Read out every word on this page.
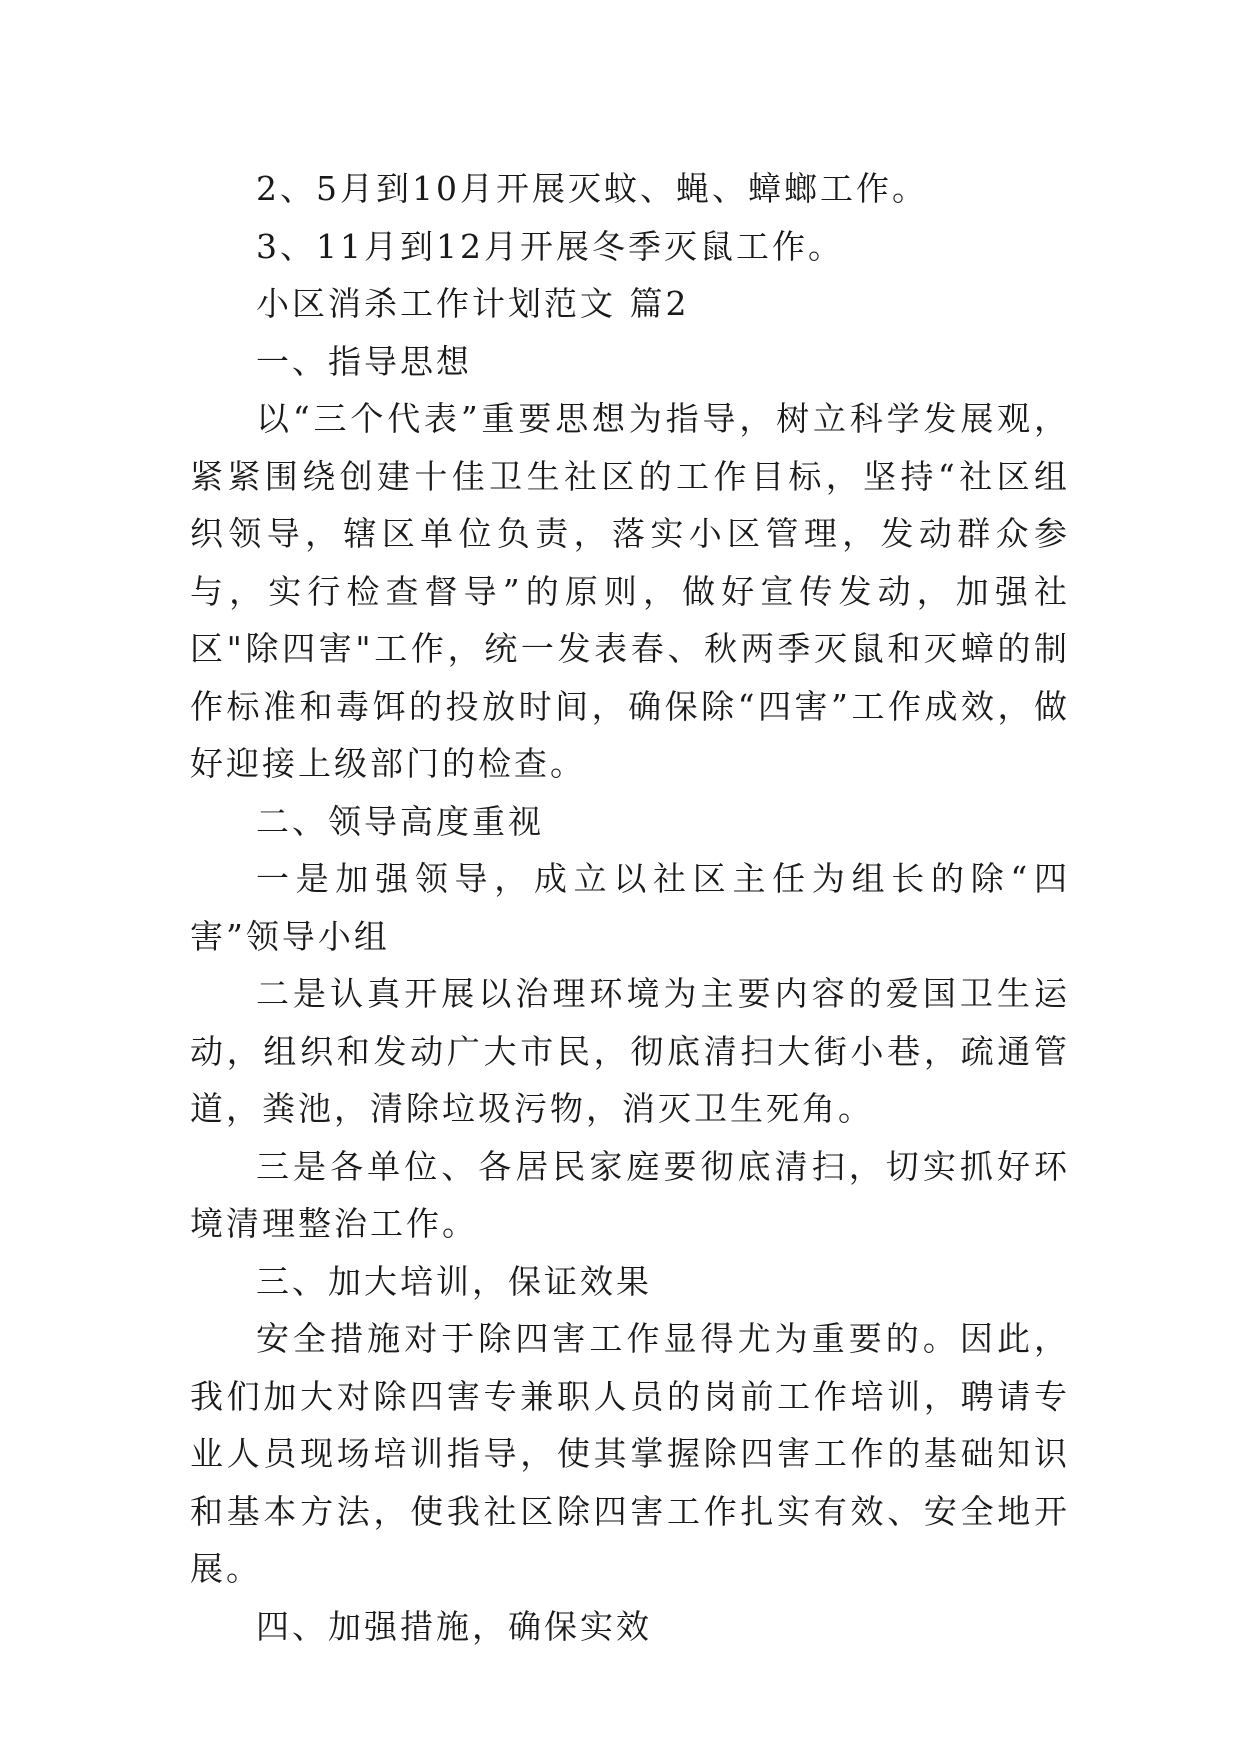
2、5月到10月开展灭蚊、蝇、蟑螂工作。

3、11月到12月开展冬季灭鼠工作。

小区消杀工作计划范文 篇2

一、指导思想

以“三个代表”重要思想为指导，树立科学发展观，紧紧围绕创建十佳卫生社区的工作目标，坚持“社区组织领导，辖区单位负责，落实小区管理，发动群众参与，实行检查督导”的原则，做好宣传发动，加强社区"除四害"工作，统一发表春、秋两季灭鼠和灭蟑的制作标准和毒饵的投放时间，确保除“四害”工作成效，做好迎接上级部门的检查。

二、领导高度重视

一是加强领导，成立以社区主任为组长的除“四害”领导小组

二是认真开展以治理环境为主要内容的爱国卫生运动，组织和发动广大市民，彻底清扫大街小巷，疏通管道，粪池，清除垃圾污物，消灭卫生死角。

三是各单位、各居民家庭要彻底清扫，切实抓好环境清理整治工作。

三、加大培训，保证效果

安全措施对于除四害工作显得尤为重要的。因此，我们加大对除四害专兼职人员的岗前工作培训，聘请专业人员现场培训指导，使其掌握除四害工作的基础知识和基本方法，使我社区除四害工作扎实有效、安全地开展。

四、加强措施，确保实效
